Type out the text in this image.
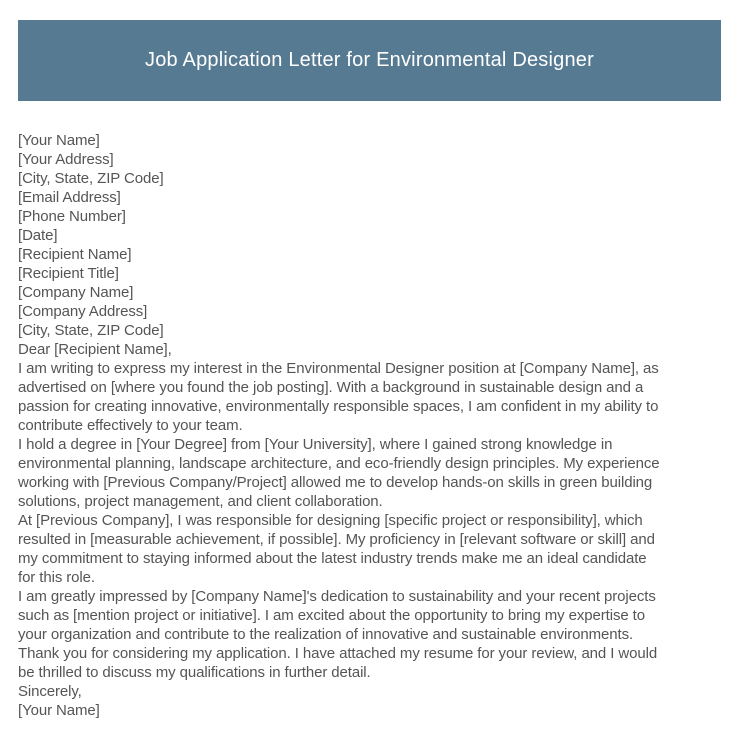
Job Application Letter for Environmental Designer
[Your Name]
[Your Address]
[City, State, ZIP Code]
[Email Address]
[Phone Number]
[Date]
[Recipient Name]
[Recipient Title]
[Company Name]
[Company Address]
[City, State, ZIP Code]
Dear [Recipient Name],
I am writing to express my interest in the Environmental Designer position at [Company Name], as
advertised on [where you found the job posting]. With a background in sustainable design and a
passion for creating innovative, environmentally responsible spaces, I am confident in my ability to
contribute effectively to your team.
I hold a degree in [Your Degree] from [Your University], where I gained strong knowledge in
environmental planning, landscape architecture, and eco-friendly design principles. My experience
working with [Previous Company/Project] allowed me to develop hands-on skills in green building
solutions, project management, and client collaboration.
At [Previous Company], I was responsible for designing [specific project or responsibility], which
resulted in [measurable achievement, if possible]. My proficiency in [relevant software or skill] and
my commitment to staying informed about the latest industry trends make me an ideal candidate
for this role.
I am greatly impressed by [Company Name]'s dedication to sustainability and your recent projects
such as [mention project or initiative]. I am excited about the opportunity to bring my expertise to
your organization and contribute to the realization of innovative and sustainable environments.
Thank you for considering my application. I have attached my resume for your review, and I would
be thrilled to discuss my qualifications in further detail.
Sincerely,
[Your Name]
